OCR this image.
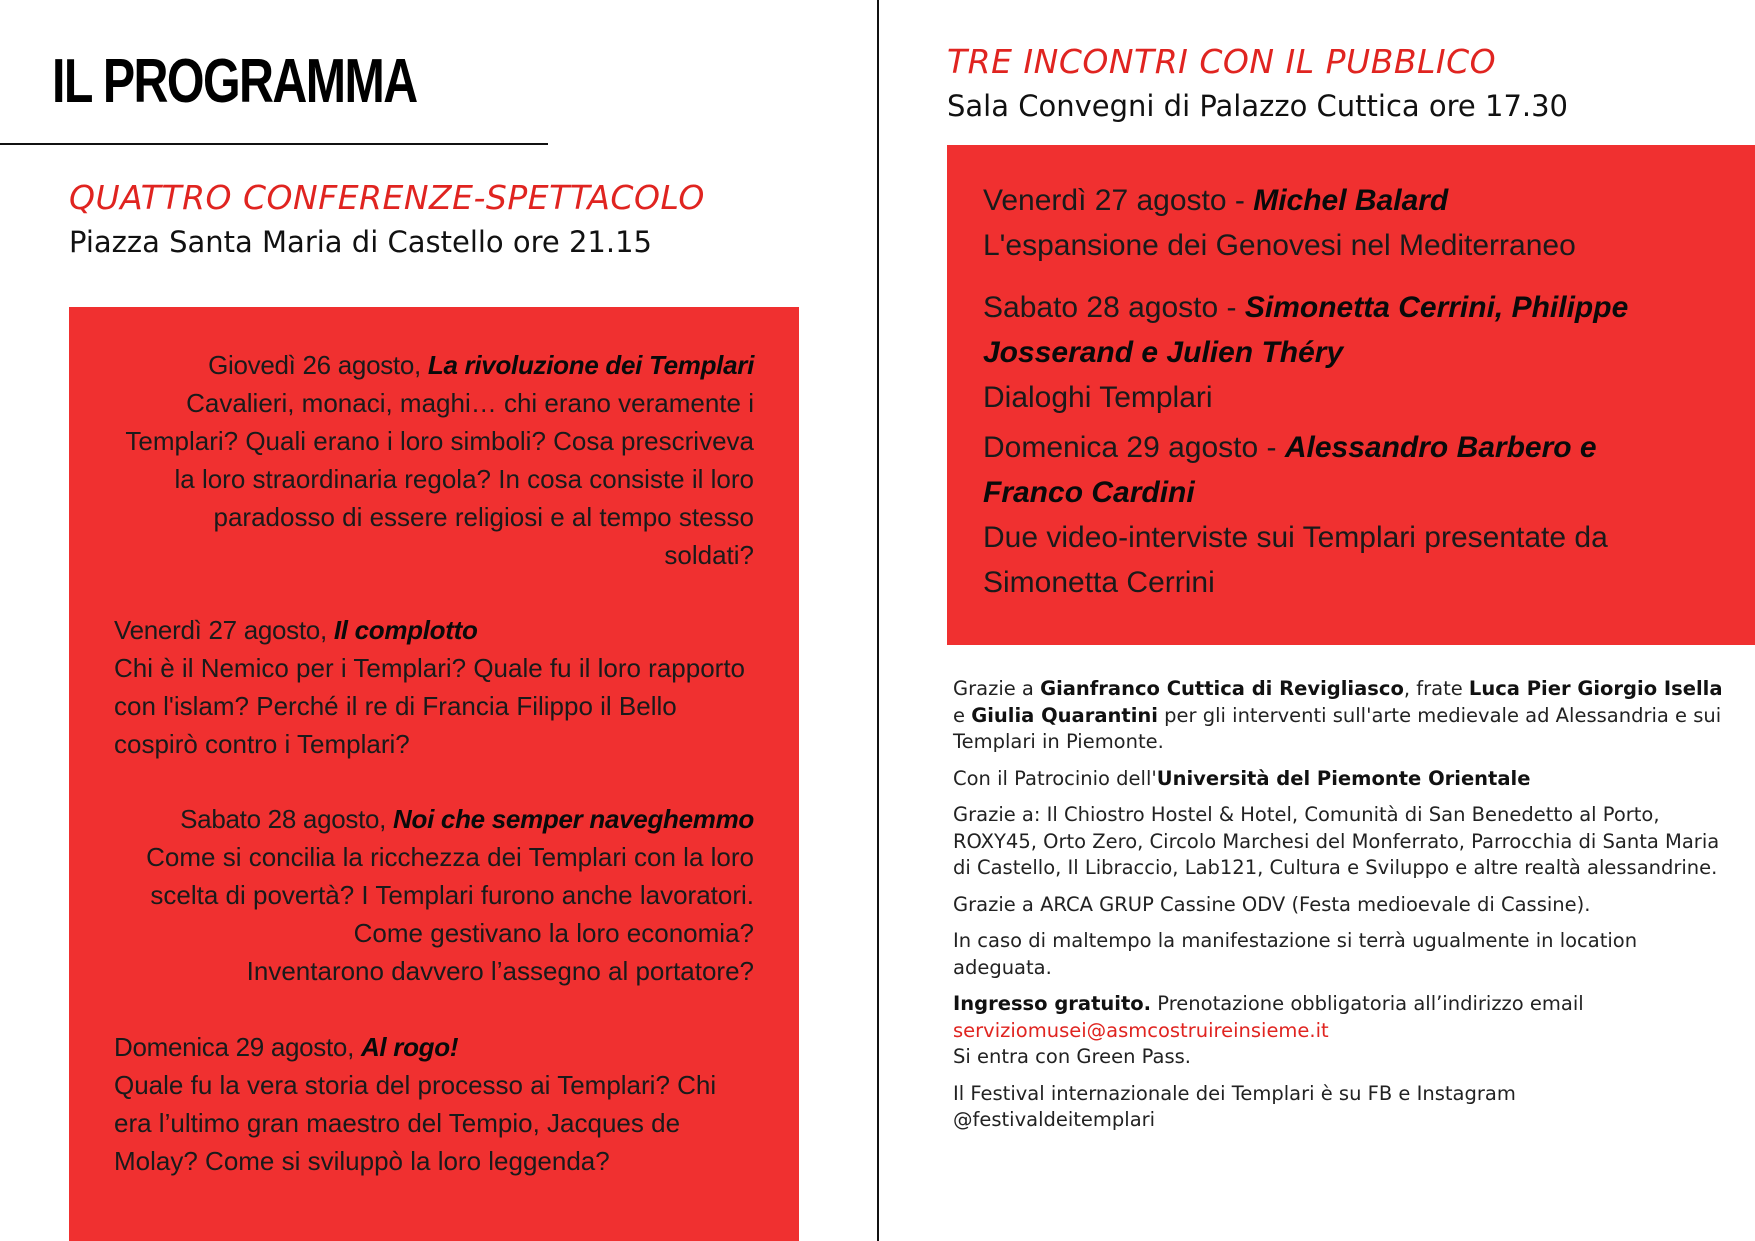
IL PROGRAMMA
QUATTRO CONFERENZE-SPETTACOLO

Piazza Santa Maria di Castello ore 21.15

Giovedì 26 agosto, La rivoluzione dei Templari

Cavalieri, monaci, maghi… chi erano veramente i

Templari? Quali erano i loro simboli? Cosa prescriveva

la loro straordinaria regola? In cosa consiste il loro

paradosso di essere religiosi e al tempo stesso

soldati?

Venerdì 27 agosto, Il complotto

Chi è il Nemico per i Templari? Quale fu il loro rapporto

con l'islam? Perché il re di Francia Filippo il Bello

cospirò contro i Templari?

Sabato 28 agosto, Noi che semper naveghemmo

Come si concilia la ricchezza dei Templari con la loro

scelta di povertà? I Templari furono anche lavoratori.

Come gestivano la loro economia?

Inventarono davvero l’assegno al portatore?

Domenica 29 agosto, Al rogo!

Quale fu la vera storia del processo ai Templari? Chi

era l’ultimo gran maestro del Tempio, Jacques de

Molay? Come si sviluppò la loro leggenda?

TRE INCONTRI CON IL PUBBLICO

Sala Convegni di Palazzo Cuttica ore 17.30

Venerdì 27 agosto - Michel Balard

L'espansione dei Genovesi nel Mediterraneo

Sabato 28 agosto - Simonetta Cerrini, Philippe

Josserand e Julien Théry

Dialoghi Templari

Domenica 29 agosto - Alessandro Barbero e

Franco Cardini

Due video-interviste sui Templari presentate da

Simonetta Cerrini

Grazie a Gianfranco Cuttica di Revigliasco, frate Luca Pier Giorgio Isella e Giulia Quarantini per gli interventi sull'arte medievale ad Alessandria e sui Templari in Piemonte.

Con il Patrocinio dell'Università del Piemonte Orientale

Grazie a: Il Chiostro Hostel & Hotel, Comunità di San Benedetto al Porto, ROXY45, Orto Zero, Circolo Marchesi del Monferrato, Parrocchia di Santa Maria di Castello, Il Libraccio, Lab121, Cultura e Sviluppo e altre realtà alessandrine.

Grazie a ARCA GRUP Cassine ODV (Festa medioevale di Cassine).

In caso di maltempo la manifestazione si terrà ugualmente in location adeguata.

Ingresso gratuito. Prenotazione obbligatoria all’indirizzo email
serviziomusei@asmcostruireinsieme.it
Si entra con Green Pass.

Il Festival internazionale dei Templari è su FB e Instagram
@festivaldeitemplari
